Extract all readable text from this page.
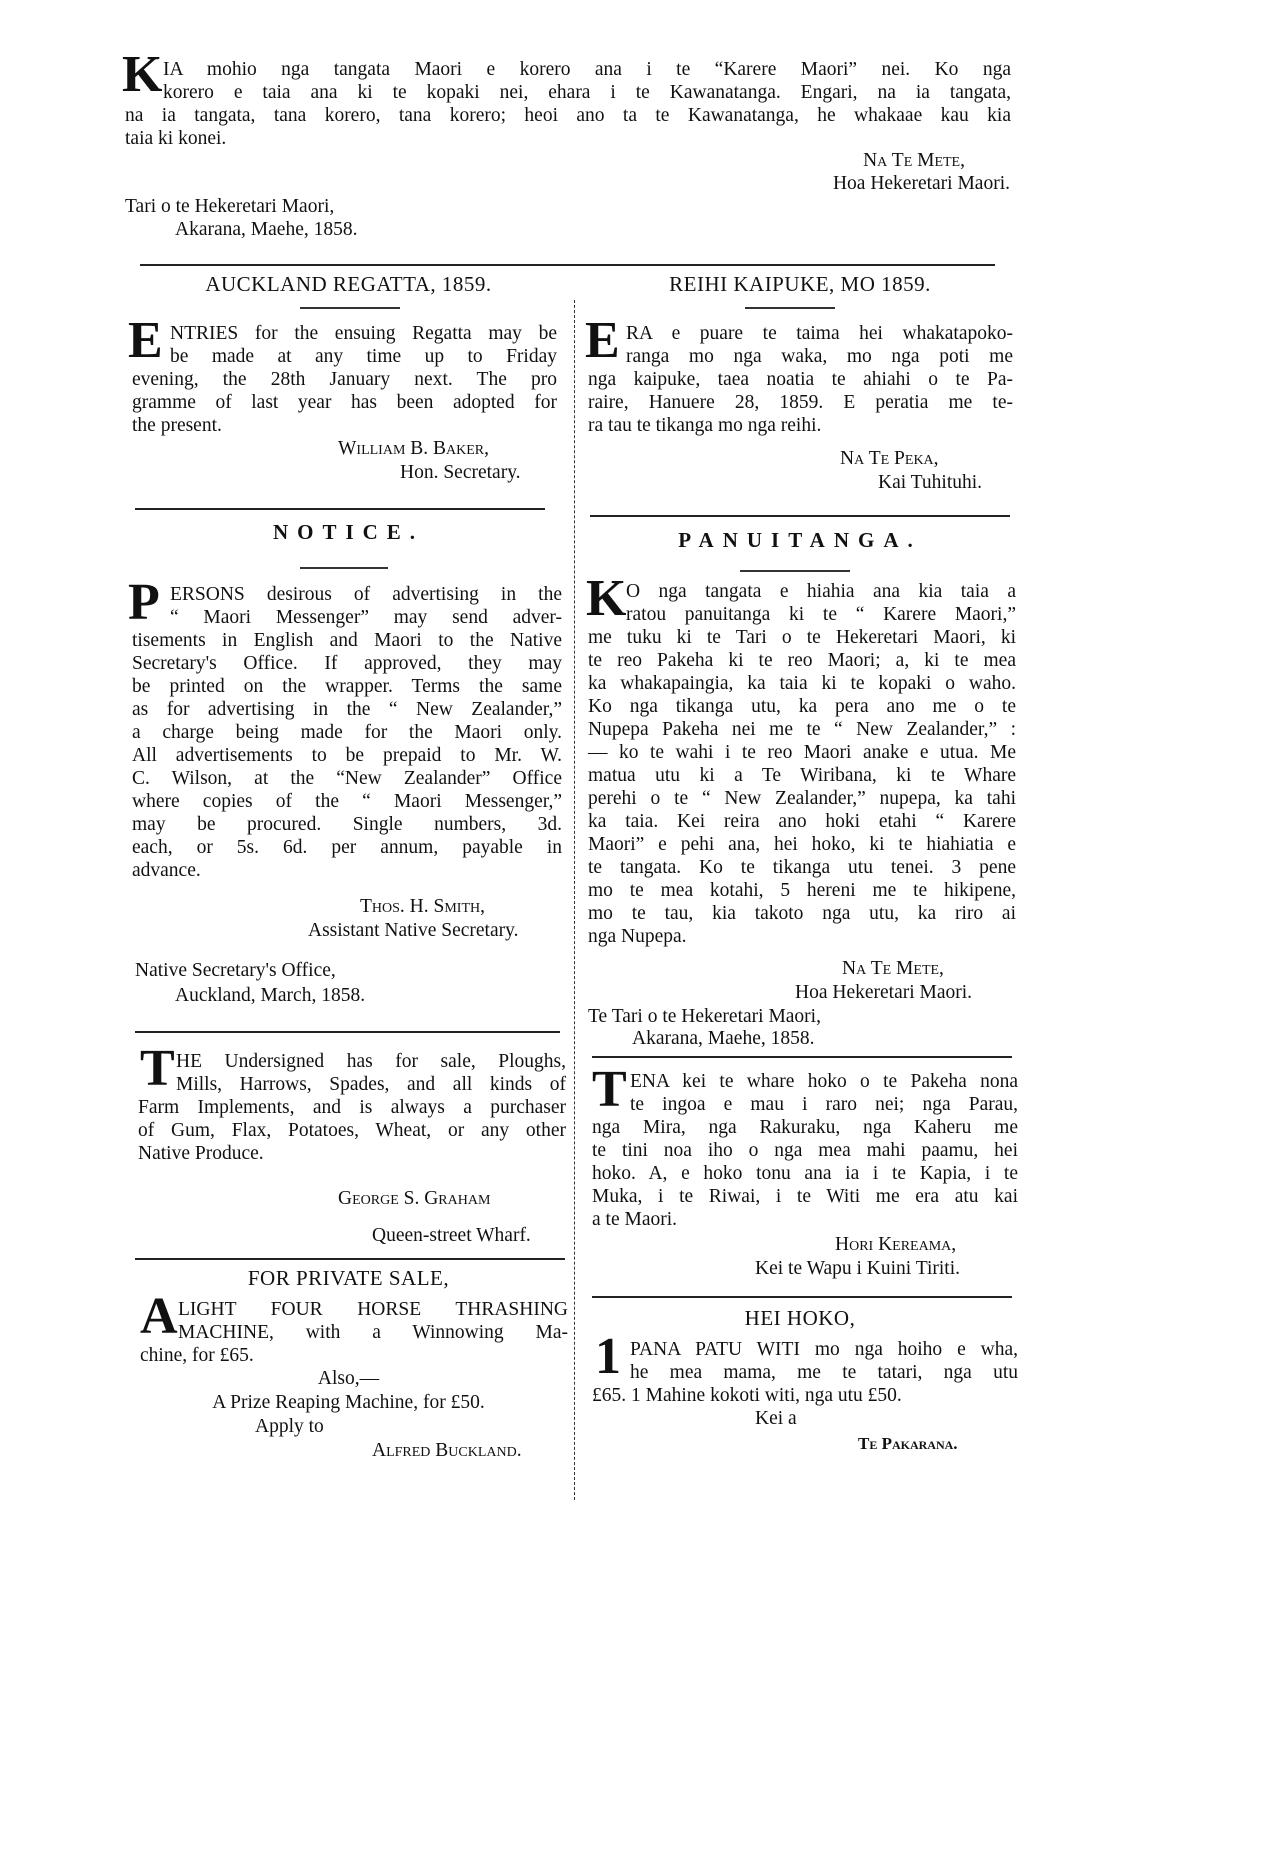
K IA mohio nga tangata Maori e korero ana i te “Karere Maori” nei. Ko nga
korero e taia ana ki te kopaki nei, ehara i te Kawanatanga. Engari, na ia tangata,
na ia tangata, tana korero, tana korero; heoi ano ta te Kawanatanga, he whakaae kau kia
taia ki konei.
Na Te Mete,
Hoa Hekeretari Maori.
Tari o te Hekeretari Maori,
Akarana, Maehe, 1858.
AUCKLAND REGATTA, 1859.
E NTRIES for the ensuing Regatta may be
be made at any time up to Friday
evening, the 28th January next. The pro
gramme of last year has been adopted for
the present.
William B. Baker,
Hon. Secretary.
NOTICE.
P ERSONS desirous of advertising in the
“ Maori Messenger” may send adver-
tisements in English and Maori to the Native
Secretary's Office. If approved, they may
be printed on the wrapper. Terms the same
as for advertising in the “ New Zealander,”
a charge being made for the Maori only.
All advertisements to be prepaid to Mr. W.
C. Wilson, at the “New Zealander” Office
where copies of the “ Maori Messenger,”
may be procured. Single numbers, 3d.
each, or 5s. 6d. per annum, payable in
advance.
Thos. H. Smith,
Assistant Native Secretary.
Native Secretary's Office,
Auckland, March, 1858.
T HE Undersigned has for sale, Ploughs,
Mills, Harrows, Spades, and all kinds of
Farm Implements, and is always a purchaser
of Gum, Flax, Potatoes, Wheat, or any other
Native Produce.
George S. Graham
Queen-street Wharf.
FOR PRIVATE SALE,
A LIGHT FOUR HORSE THRASHING
MACHINE, with a Winnowing Ma-
chine, for £65.
Also,—
A Prize Reaping Machine, for £50.
Apply to
Alfred Buckland.
REIHI KAIPUKE, MO 1859.
E RA e puare te taima hei whakatapoko-
ranga mo nga waka, mo nga poti me
nga kaipuke, taea noatia te ahiahi o te Pa-
raire, Hanuere 28, 1859. E peratia me te-
ra tau te tikanga mo nga reihi.
Na Te Peka,
Kai Tuhituhi.
PANUITANGA.
K O nga tangata e hiahia ana kia taia a
ratou panuitanga ki te “ Karere Maori,”
me tuku ki te Tari o te Hekeretari Maori, ki
te reo Pakeha ki te reo Maori; a, ki te mea
ka whakapaingia, ka taia ki te kopaki o waho.
Ko nga tikanga utu, ka pera ano me o te
Nupepa Pakeha nei me te “ New Zealander,” :
— ko te wahi i te reo Maori anake e utua. Me
matua utu ki a Te Wiribana, ki te Whare
perehi o te “ New Zealander,” nupepa, ka tahi
ka taia. Kei reira ano hoki etahi “ Karere
Maori” e pehi ana, hei hoko, ki te hiahiatia e
te tangata. Ko te tikanga utu tenei. 3 pene
mo te mea kotahi, 5 hereni me te hikipene,
mo te tau, kia takoto nga utu, ka riro ai
nga Nupepa.
Na Te Mete,
Hoa Hekeretari Maori.
Te Tari o te Hekeretari Maori,
Akarana, Maehe, 1858.
T ENA kei te whare hoko o te Pakeha nona
te ingoa e mau i raro nei; nga Parau,
nga Mira, nga Rakuraku, nga Kaheru me
te tini noa iho o nga mea mahi paamu, hei
hoko. A, e hoko tonu ana ia i te Kapia, i te
Muka, i te Riwai, i te Witi me era atu kai
a te Maori.
Hori Kereama,
Kei te Wapu i Kuini Tiriti.
HEI HOKO,
1 PANA PATU WITI mo nga hoiho e wha,
he mea mama, me te tatari, nga utu
£65. 1 Mahine kokoti witi, nga utu £50.
Kei a
Te Pakarana.
